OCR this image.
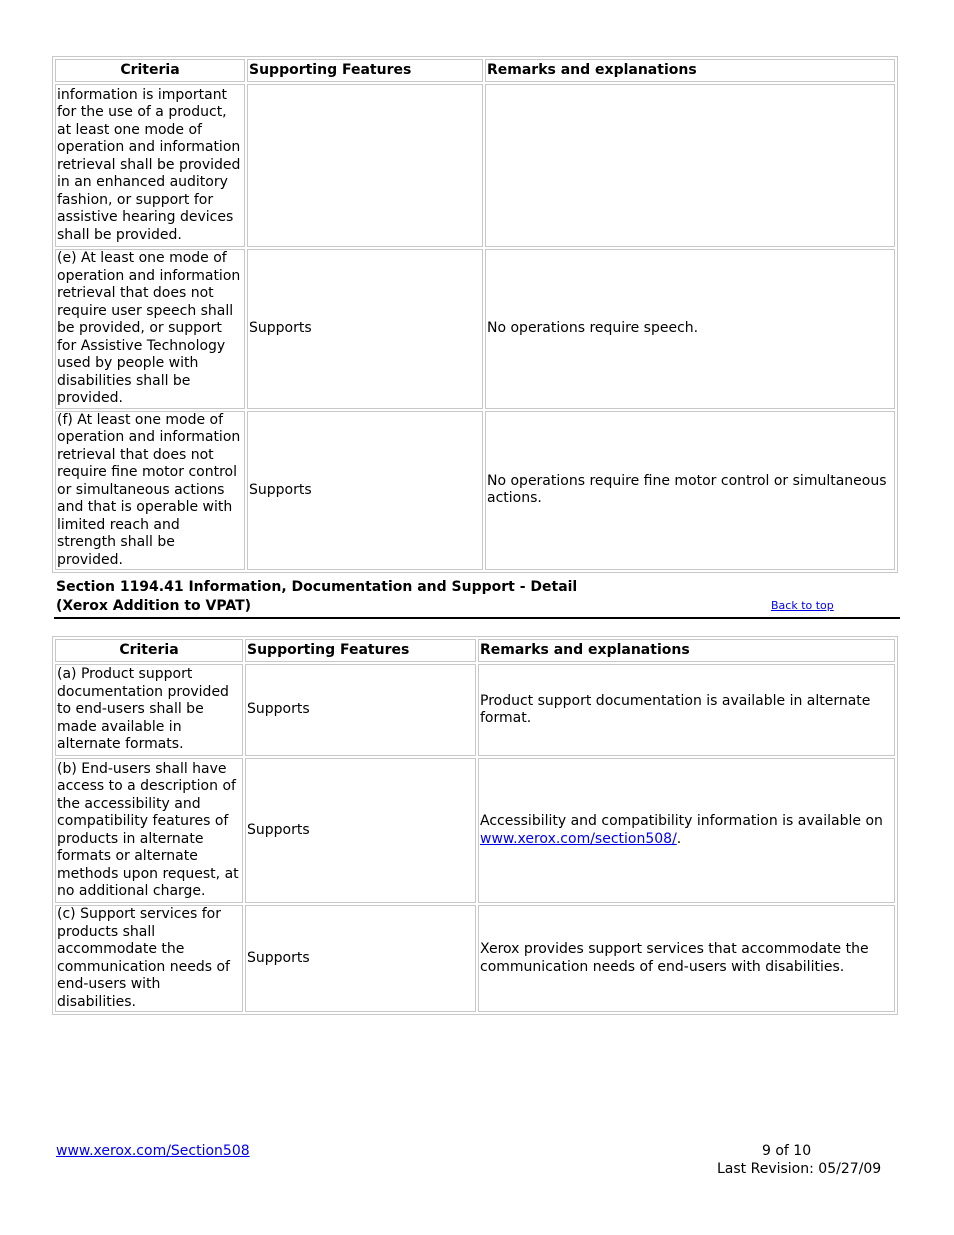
Criteria	Supporting Features	Remarks and explanations
information is important for the use of a product, at least one mode of operation and information retrieval shall be provided in an enhanced auditory fashion, or support for assistive hearing devices shall be provided.		
(e) At least one mode of operation and information retrieval that does not require user speech shall be provided, or support for Assistive Technology used by people with disabilities shall be provided.	Supports	No operations require speech.
(f) At least one mode of operation and information retrieval that does not require fine motor control or simultaneous actions and that is operable with limited reach and strength shall be provided.	Supports	No operations require fine motor control or simultaneous actions.
Section 1194.41 Information, Documentation and Support - Detail
(Xerox Addition to VPAT)	Back to top
Criteria	Supporting Features	Remarks and explanations
(a) Product support documentation provided to end-users shall be made available in alternate formats.	Supports	Product support documentation is available in alternate format.
(b) End-users shall have access to a description of the accessibility and compatibility features of products in alternate formats or alternate methods upon request, at no additional charge.	Supports	Accessibility and compatibility information is available on www.xerox.com/section508/.
(c) Support services for products shall accommodate the communication needs of end-users with disabilities.	Supports	Xerox provides support services that accommodate the communication needs of end-users with disabilities.
www.xerox.com/Section508	9 of 10
Last Revision: 05/27/09
